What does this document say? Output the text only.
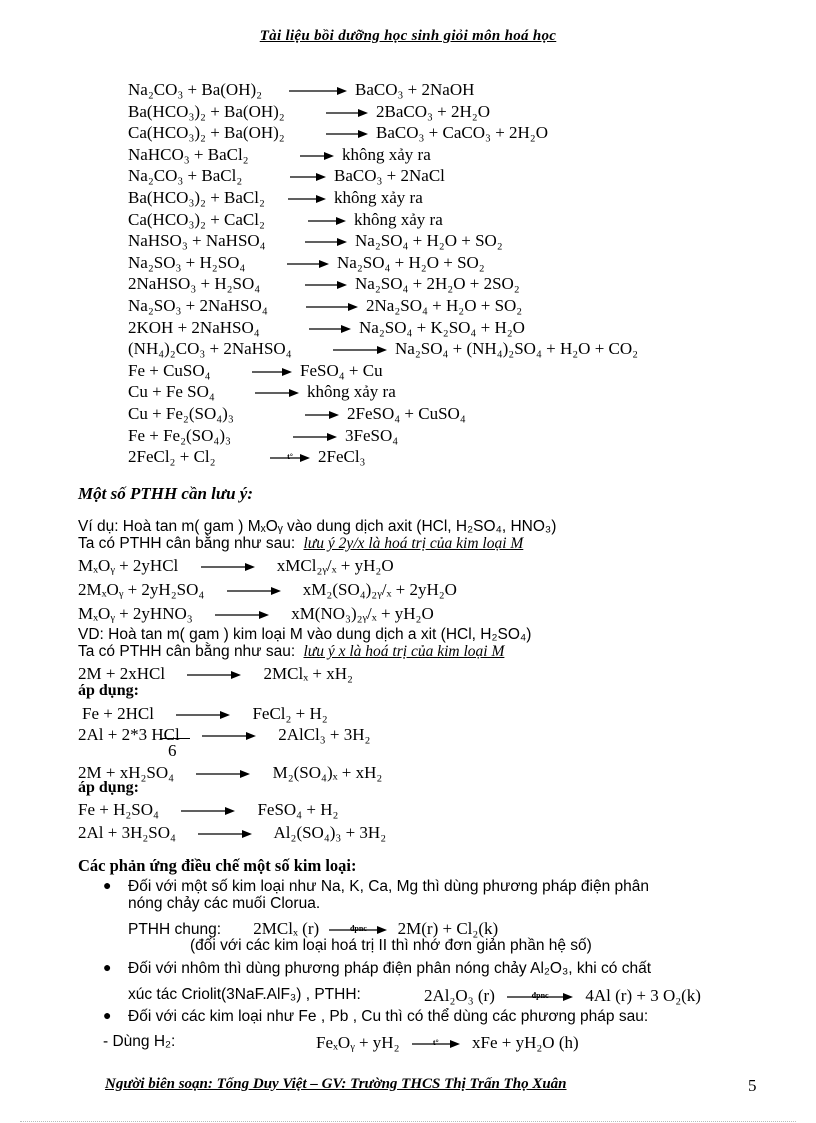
Tài liệu bồi dưỡng học sinh giỏi môn hoá học
Na₂CO₃ + Ba(OH)₂	BaCO₃ + 2NaOH
Ba(HCO₃)₂ + Ba(OH)₂	2BaCO₃ + 2H₂O
Ca(HCO₃)₂ + Ba(OH)₂	BaCO₃ + CaCO₃ + 2H₂O
NaHCO₃ + BaCl₂	không xảy ra
Na₂CO₃ + BaCl₂	BaCO₃ + 2NaCl
Ba(HCO₃)₂ + BaCl₂	không xảy ra
Ca(HCO₃)₂ + CaCl₂	không xảy ra
NaHSO₃ + NaHSO₄	Na₂SO₄ + H₂O + SO₂
Na₂SO₃ + H₂SO₄	Na₂SO₄ + H₂O + SO₂
2NaHSO₃ + H₂SO₄	Na₂SO₄ + 2H₂O + 2SO₂
Na₂SO₃ + 2NaHSO₄	2Na₂SO₄ + H₂O + SO₂
2KOH + 2NaHSO₄	Na₂SO₄ + K₂SO₄ + H₂O
(NH₄)₂CO₃ + 2NaHSO₄	Na₂SO₄ + (NH₄)₂SO₄ + H₂O + CO₂
Fe + CuSO₄	FeSO₄ + Cu
Cu + Fe SO₄	không xảy ra
Cu + Fe₂(SO₄)₃	2FeSO₄ + CuSO₄
Fe + Fe₂(SO₄)₃	3FeSO₄
2FeCl₂ + Cl₂	t°	2FeCl₃
Một số PTHH cần lưu ý:
Ví dụ: Hoà tan m( gam ) MₓOᵧ vào dung dịch axit (HCl, H₂SO₄, HNO₃)
Ta có PTHH cân bằng như sau: lưu ý 2y/x là hoá trị của kim loại M
MₓOᵧ + 2yHCl	xMCl₂ᵧ/ₓ + yH₂O
2MₓOᵧ + 2yH₂SO₄	xM₂(SO₄)₂ᵧ/ₓ + 2yH₂O
MₓOᵧ + 2yHNO₃	xM(NO₃)₂ᵧ/ₓ + yH₂O
VD: Hoà tan m( gam ) kim loại M vào dung dịch a xit (HCl, H₂SO₄)
Ta có PTHH cân bằng như sau: lưu ý x là hoá trị của kim loại M
2M + 2xHCl	2MClₓ + xH₂
áp dụng:
Fe + 2HCl	FeCl₂ + H₂
2Al + 2*3 HCl	2AlCl₃ + 3H₂
6
2M + xH₂SO₄	M₂(SO₄)ₓ + xH₂
áp dụng:
Fe + H₂SO₄	FeSO₄ + H₂
2Al + 3H₂SO₄	Al₂(SO₄)₃ + 3H₂
Các phản ứng điều chế một số kim loại:
● Đối với một số kim loại như Na, K, Ca, Mg thì dùng phương pháp điện phân
nóng chảy các muối Clorua.
PTHH chung: 2MClₓ (r)	đpnc	2M(r) + Cl₂(k)
(đối với các kim loại hoá trị II thì nhớ đơn giản phần hệ số)
● Đối với nhôm thì dùng phương pháp điện phân nóng chảy Al₂O₃, khi có chất
xúc tác Criolit(3NaF.AlF₃) , PTHH:	2Al₂O₃ (r)	đpnc	4Al (r) + 3 O₂(k)
● Đối với các kim loại như Fe , Pb , Cu thì có thể dùng các phương pháp sau:
- Dùng H₂:	FeₓOᵧ + yH₂	t°	xFe + yH₂O (h)
Người biên soạn: Tống Duy Việt – GV: Trường THCS Thị Trấn Thọ Xuân	5
